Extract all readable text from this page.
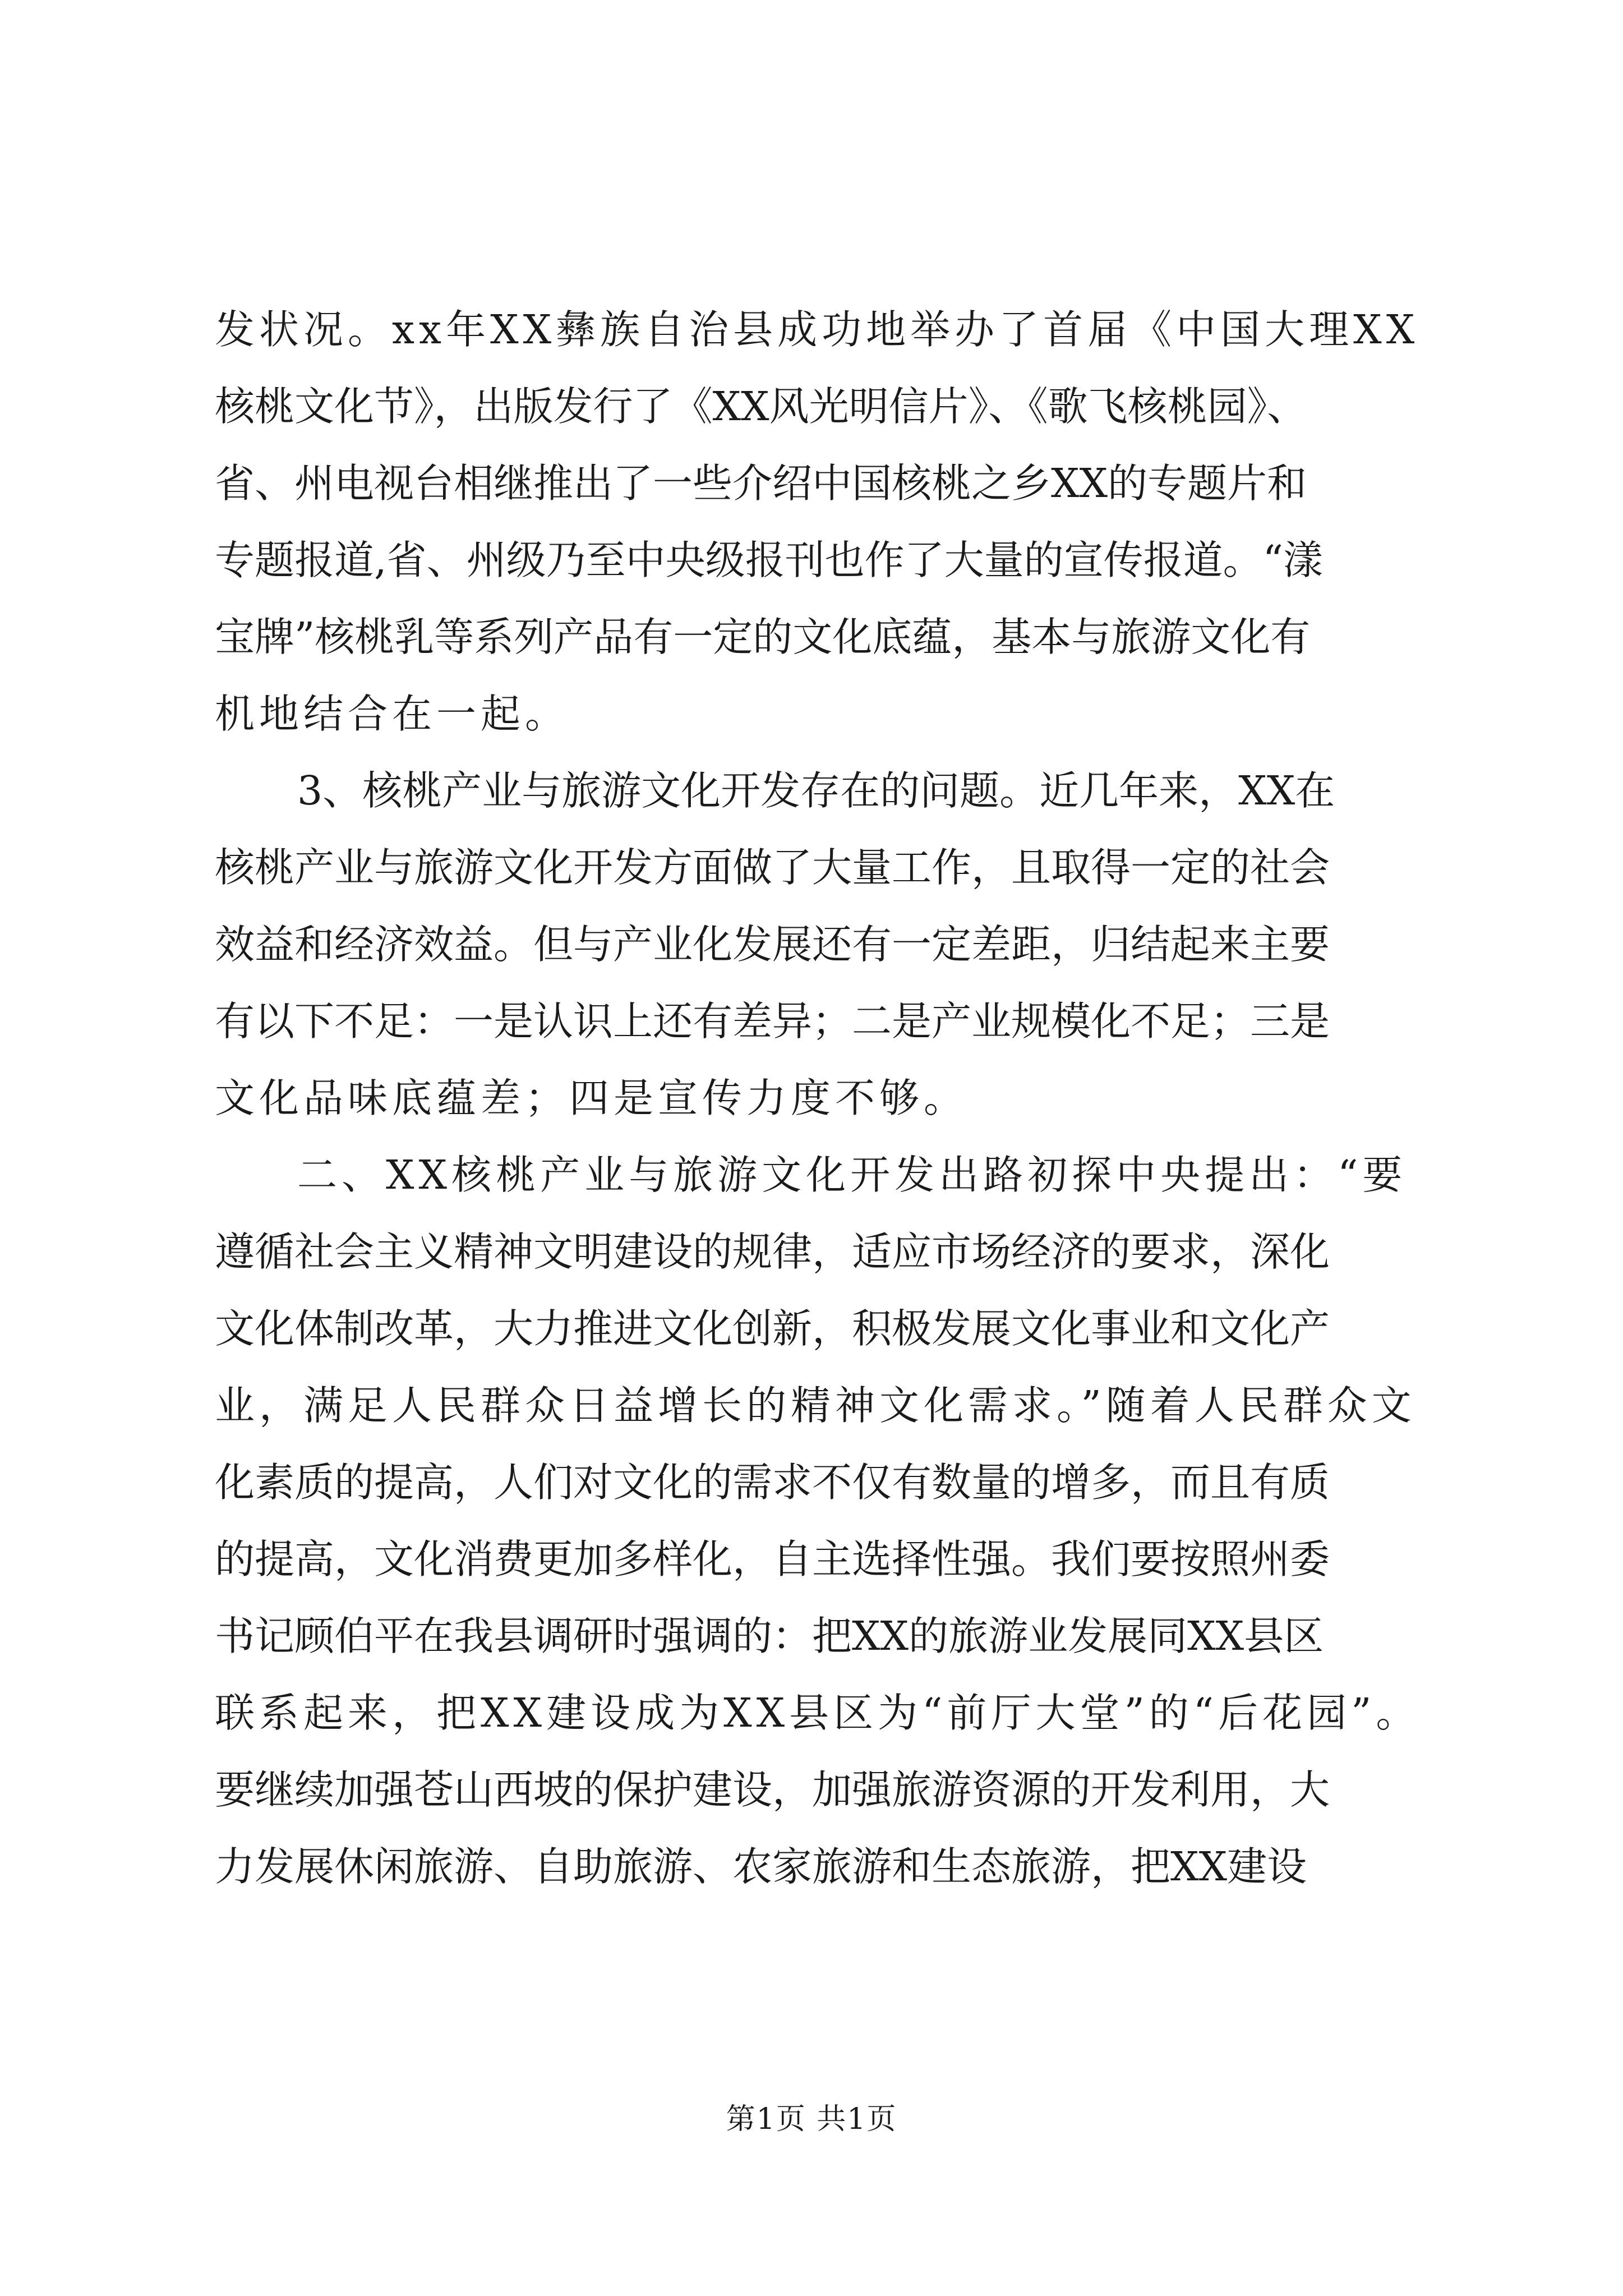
发状况。xx年XX彝族自治县成功地举办了首届《中国大理XX
核桃文化节》，出版发行了《XX风光明信片》、《歌飞核桃园》、
省、州电视台相继推出了一些介绍中国核桃之乡XX的专题片和
专题报道,省、州级乃至中央级报刊也作了大量的宣传报道。“漾
宝牌”核桃乳等系列产品有一定的文化底蕴，基本与旅游文化有
机地结合在一起。
3、核桃产业与旅游文化开发存在的问题。近几年来，XX在
核桃产业与旅游文化开发方面做了大量工作，且取得一定的社会
效益和经济效益。但与产业化发展还有一定差距，归结起来主要
有以下不足：一是认识上还有差异；二是产业规模化不足；三是
文化品味底蕴差；四是宣传力度不够。
二、XX核桃产业与旅游文化开发出路初探中央提出：“要
遵循社会主义精神文明建设的规律，适应市场经济的要求，深化
文化体制改革，大力推进文化创新，积极发展文化事业和文化产
业，满足人民群众日益增长的精神文化需求。”随着人民群众文
化素质的提高，人们对文化的需求不仅有数量的增多，而且有质
的提高，文化消费更加多样化，自主选择性强。我们要按照州委
书记顾伯平在我县调研时强调的：把XX的旅游业发展同XX县区
联系起来，把XX建设成为XX县区为“前厅大堂”的“后花园”。
要继续加强苍山西坡的保护建设，加强旅游资源的开发利用，大
力发展休闲旅游、自助旅游、农家旅游和生态旅游，把XX建设
第1页 共1页
